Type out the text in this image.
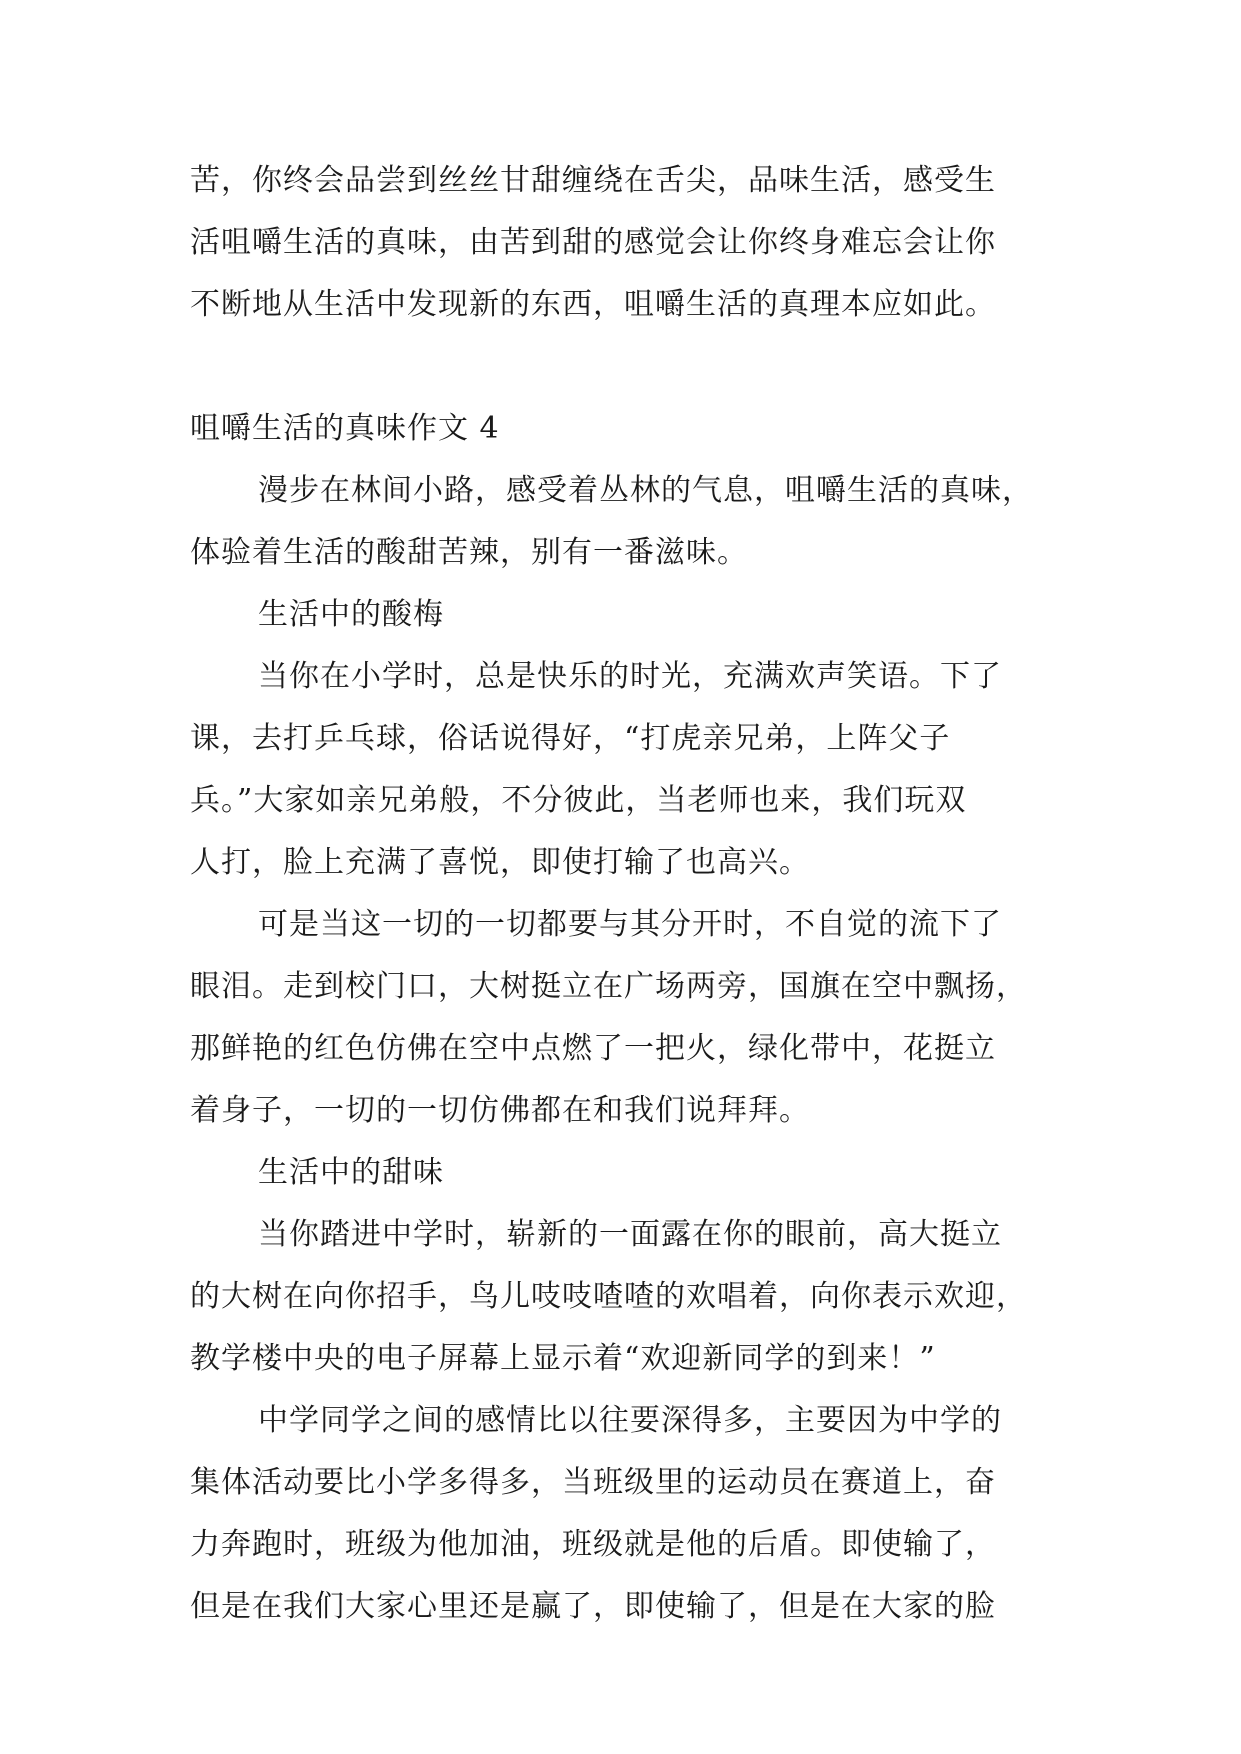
苦，你终会品尝到丝丝甘甜缠绕在舌尖，品味生活，感受生
活咀嚼生活的真味，由苦到甜的感觉会让你终身难忘会让你
不断地从生活中发现新的东西，咀嚼生活的真理本应如此。
咀嚼生活的真味作文 4
漫步在林间小路，感受着丛林的气息，咀嚼生活的真味，
体验着生活的酸甜苦辣，别有一番滋味。
生活中的酸梅
当你在小学时，总是快乐的时光，充满欢声笑语。下了
课，去打乒乓球，俗话说得好，“打虎亲兄弟，上阵父子
兵。”大家如亲兄弟般，不分彼此，当老师也来，我们玩双
人打，脸上充满了喜悦，即使打输了也高兴。
可是当这一切的一切都要与其分开时，不自觉的流下了
眼泪。走到校门口，大树挺立在广场两旁，国旗在空中飘扬，
那鲜艳的红色仿佛在空中点燃了一把火，绿化带中，花挺立
着身子，一切的一切仿佛都在和我们说拜拜。
生活中的甜味
当你踏进中学时，崭新的一面露在你的眼前，高大挺立
的大树在向你招手，鸟儿吱吱喳喳的欢唱着，向你表示欢迎，
教学楼中央的电子屏幕上显示着“欢迎新同学的到来！”
中学同学之间的感情比以往要深得多，主要因为中学的
集体活动要比小学多得多，当班级里的运动员在赛道上，奋
力奔跑时，班级为他加油，班级就是他的后盾。即使输了，
但是在我们大家心里还是赢了，即使输了，但是在大家的脸
